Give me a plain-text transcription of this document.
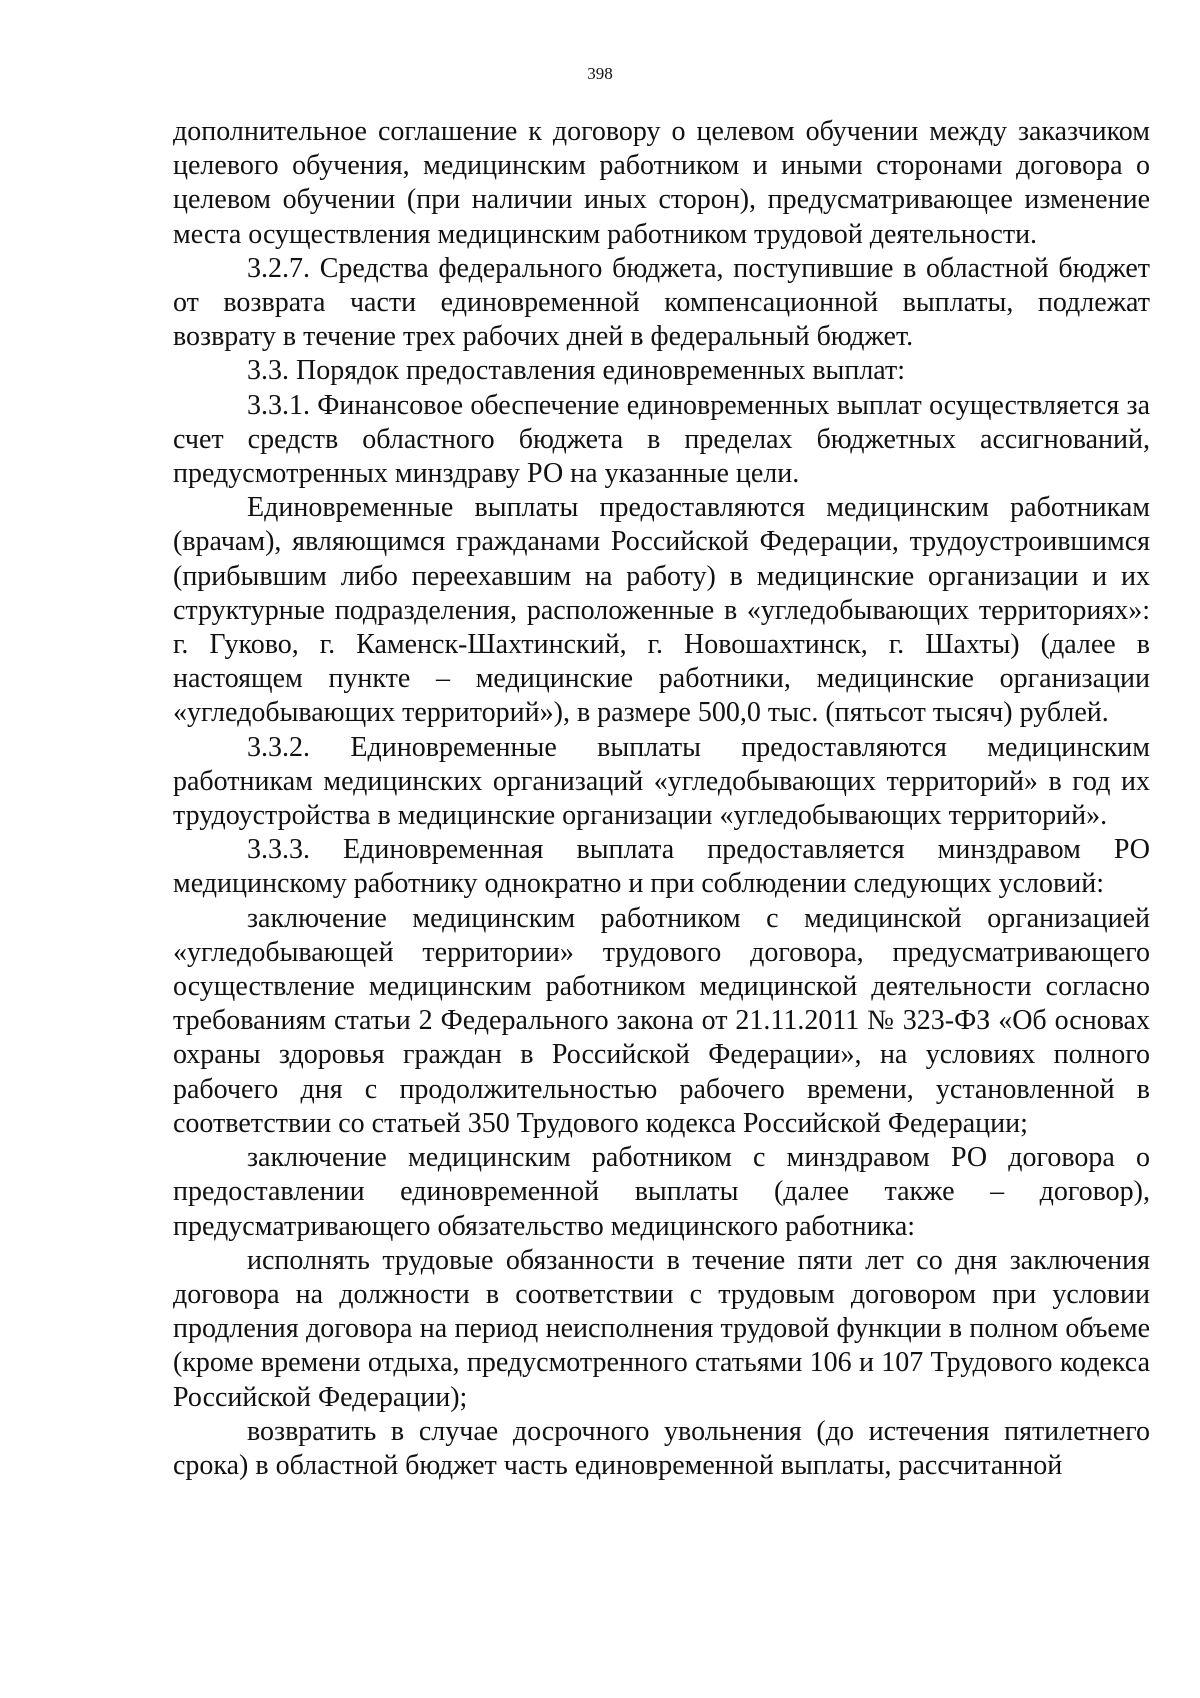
398

дополнительное соглашение к договору о целевом обучении между заказчиком целевого обучения, медицинским работником и иными сторонами договора о целевом обучении (при наличии иных сторон), предусматривающее изменение места осуществления медицинским работником трудовой деятельности.

3.2.7. Средства федерального бюджета, поступившие в областной бюджет от возврата части единовременной компенсационной выплаты, подлежат возврату в течение трех рабочих дней в федеральный бюджет.

3.3. Порядок предоставления единовременных выплат:

3.3.1. Финансовое обеспечение единовременных выплат осуществляется за счет средств областного бюджета в пределах бюджетных ассигнований, предусмотренных минздраву РО на указанные цели.

Единовременные выплаты предоставляются медицинским работникам (врачам), являющимся гражданами Российской Федерации, трудоустроившимся (прибывшим либо переехавшим на работу) в медицинские организации и их структурные подразделения, расположенные в «угледобывающих территориях»: г. Гуково, г. Каменск-Шахтинский, г. Новошахтинск, г. Шахты) (далее в настоящем пункте – медицинские работники, медицинские организации «угледобывающих территорий»), в размере 500,0 тыс. (пятьсот тысяч) рублей.

3.3.2. Единовременные выплаты предоставляются медицинским работникам медицинских организаций «угледобывающих территорий» в год их трудоустройства в медицинские организации «угледобывающих территорий».

3.3.3. Единовременная выплата предоставляется минздравом РО медицинскому работнику однократно и при соблюдении следующих условий:

заключение медицинским работником с медицинской организацией «угледобывающей территории» трудового договора, предусматривающего осуществление медицинским работником медицинской деятельности согласно требованиям статьи 2 Федерального закона от 21.11.2011 № 323-ФЗ «Об основах охраны здоровья граждан в Российской Федерации», на условиях полного рабочего дня с продолжительностью рабочего времени, установленной в соответствии со статьей 350 Трудового кодекса Российской Федерации;

заключение медицинским работником с минздравом РО договора о предоставлении единовременной выплаты (далее также – договор), предусматривающего обязательство медицинского работника:

исполнять трудовые обязанности в течение пяти лет со дня заключения договора на должности в соответствии с трудовым договором при условии продления договора на период неисполнения трудовой функции в полном объеме (кроме времени отдыха, предусмотренного статьями 106 и 107 Трудового кодекса Российской Федерации);

возвратить в случае досрочного увольнения (до истечения пятилетнего срока) в областной бюджет часть единовременной выплаты, рассчитанной
